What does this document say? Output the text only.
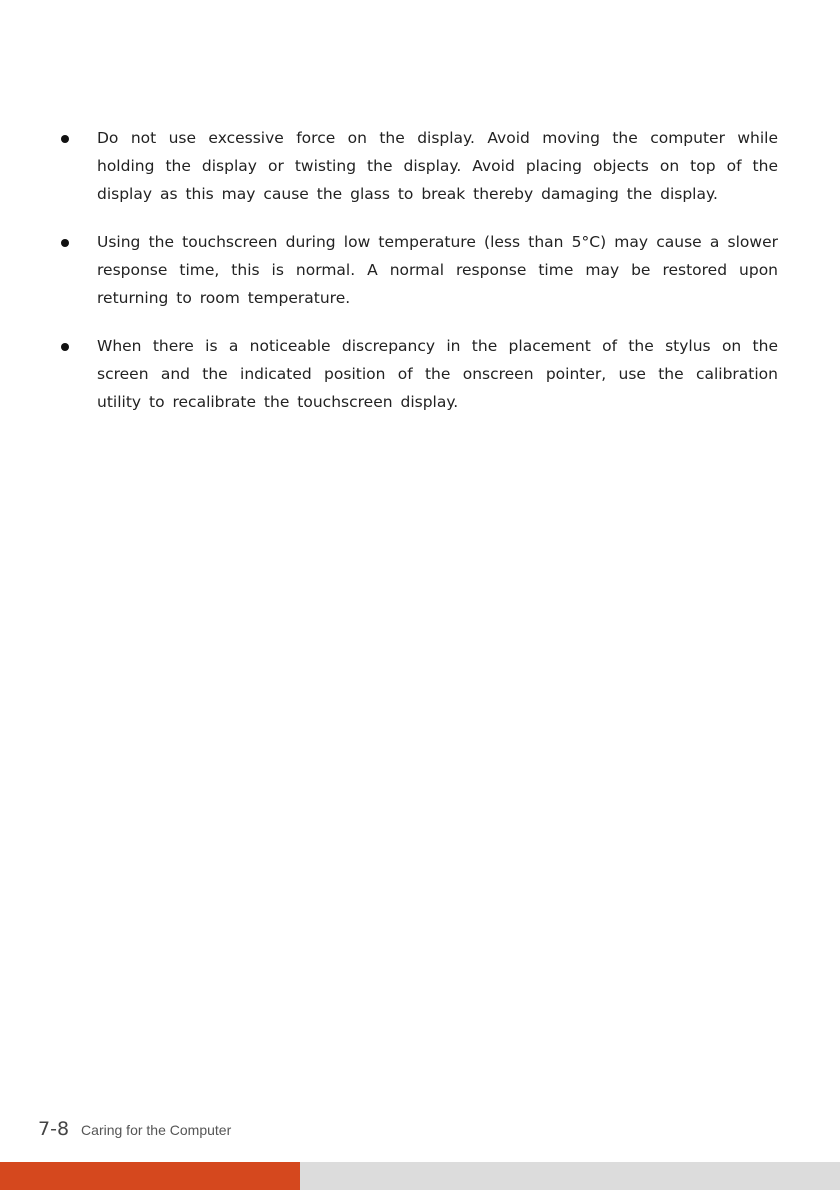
Do not use excessive force on the display. Avoid moving the computer while holding the display or twisting the display. Avoid placing objects on top of the display as this may cause the glass to break thereby damaging the display.
Using the touchscreen during low temperature (less than 5°C) may cause a slower response time, this is normal. A normal response time may be restored upon returning to room temperature.
When there is a noticeable discrepancy in the placement of the stylus on the screen and the indicated position of the onscreen pointer, use the calibration utility to recalibrate the touchscreen display.
7-8 Caring for the Computer
